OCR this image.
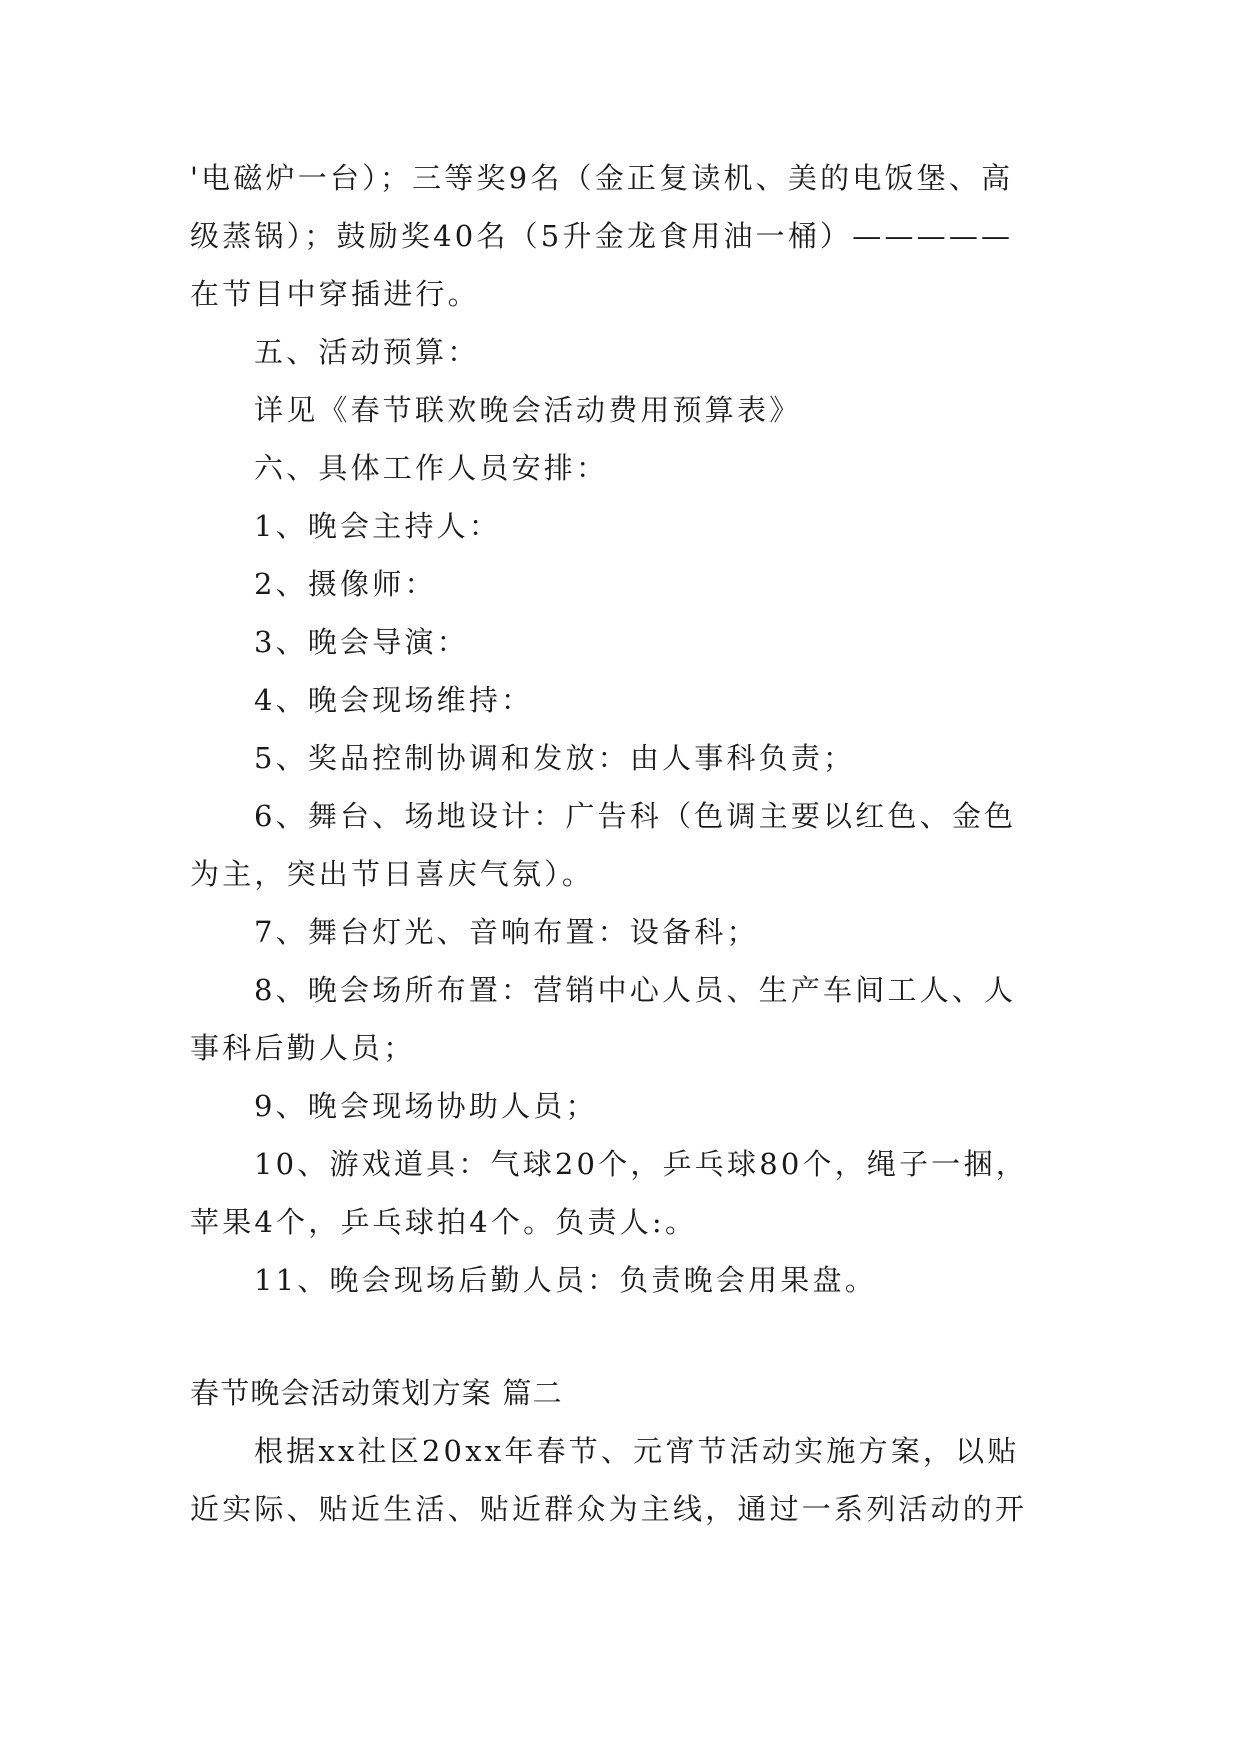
'电磁炉一台）；三等奖9名（金正复读机、美的电饭堡、高
级蒸锅）；鼓励奖40名（5升金龙食用油一桶）—————
在节目中穿插进行。
五、活动预算：
详见《春节联欢晚会活动费用预算表》
六、具体工作人员安排：
1、晚会主持人：
2、摄像师：
3、晚会导演：
4、晚会现场维持：
5、奖品控制协调和发放：由人事科负责；
6、舞台、场地设计：广告科（色调主要以红色、金色
为主，突出节日喜庆气氛）。
7、舞台灯光、音响布置：设备科；
8、晚会场所布置：营销中心人员、生产车间工人、人
事科后勤人员；
9、晚会现场协助人员；
10、游戏道具：气球20个，乒乓球80个，绳子一捆，
苹果4个，乒乓球拍4个。负责人:。
11、晚会现场后勤人员：负责晚会用果盘。
春节晚会活动策划方案 篇二
根据xx社区20xx年春节、元宵节活动实施方案，以贴
近实际、贴近生活、贴近群众为主线，通过一系列活动的开
